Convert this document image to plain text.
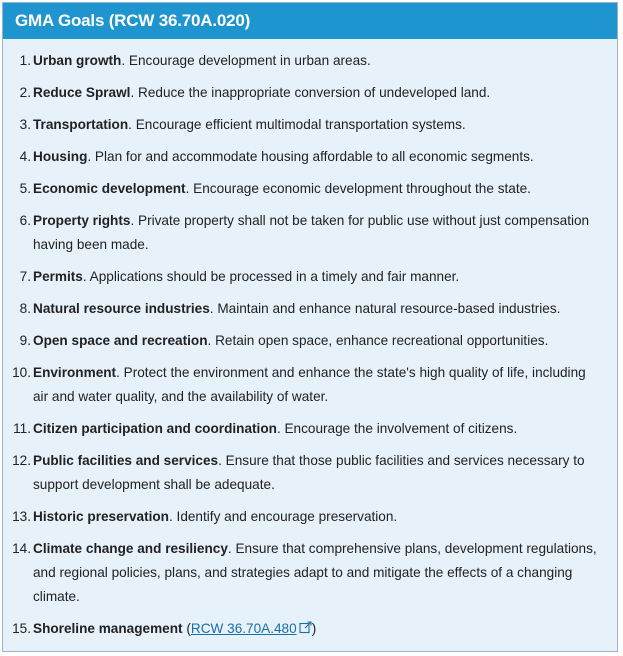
GMA Goals (RCW 36.70A.020)
1. Urban growth. Encourage development in urban areas.
2. Reduce Sprawl. Reduce the inappropriate conversion of undeveloped land.
3. Transportation. Encourage efficient multimodal transportation systems.
4. Housing. Plan for and accommodate housing affordable to all economic segments.
5. Economic development. Encourage economic development throughout the state.
6. Property rights. Private property shall not be taken for public use without just compensation having been made.
7. Permits. Applications should be processed in a timely and fair manner.
8. Natural resource industries. Maintain and enhance natural resource-based industries.
9. Open space and recreation. Retain open space, enhance recreational opportunities.
10. Environment. Protect the environment and enhance the state's high quality of life, including air and water quality, and the availability of water.
11. Citizen participation and coordination. Encourage the involvement of citizens.
12. Public facilities and services. Ensure that those public facilities and services necessary to support development shall be adequate.
13. Historic preservation. Identify and encourage preservation.
14. Climate change and resiliency. Ensure that comprehensive plans, development regulations, and regional policies, plans, and strategies adapt to and mitigate the effects of a changing climate.
15. Shoreline management (RCW 36.70A.480 )
